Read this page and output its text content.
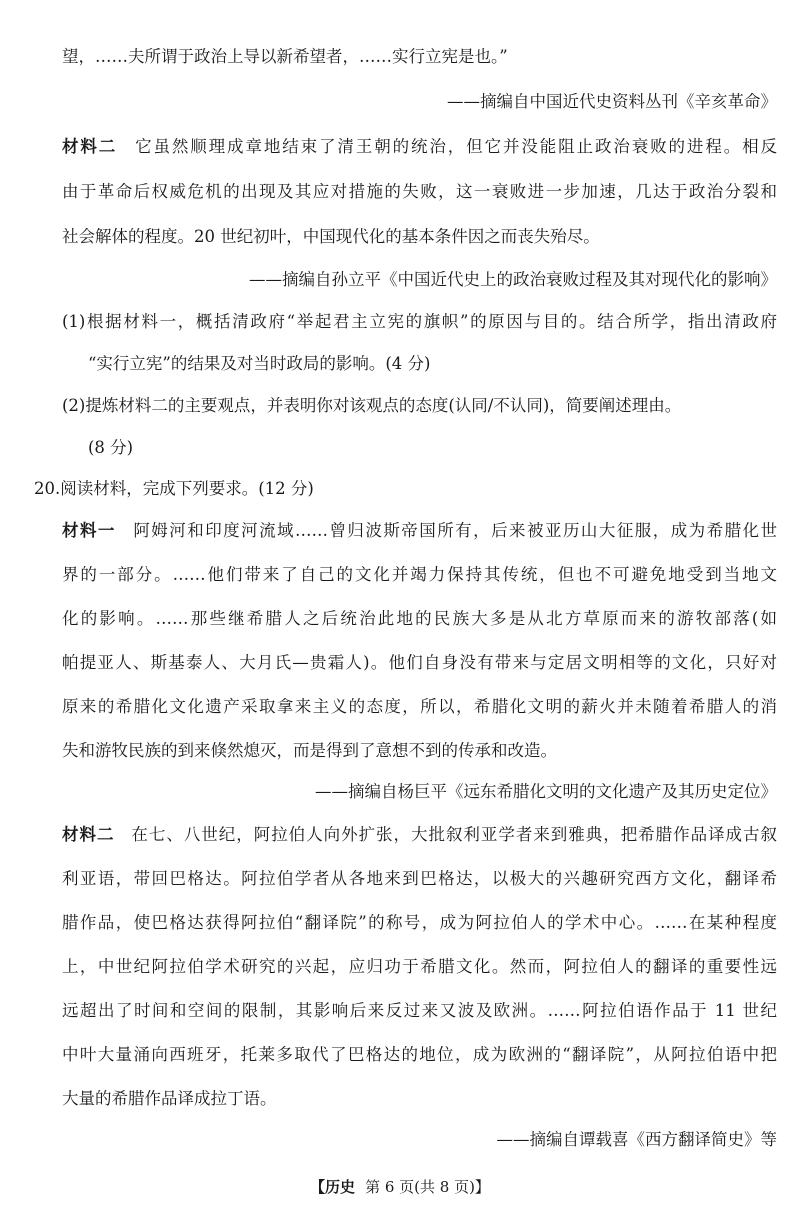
望，……夫所谓于政治上导以新希望者，……实行立宪是也。”
——摘编自中国近代史资料丛刊《辛亥革命》
材料二 它虽然顺理成章地结束了清王朝的统治，但它并没能阻止政治衰败的进程。相反
由于革命后权威危机的出现及其应对措施的失败，这一衰败进一步加速，几达于政治分裂和
社会解体的程度。20 世纪初叶，中国现代化的基本条件因之而丧失殆尽。
——摘编自孙立平《中国近代史上的政治衰败过程及其对现代化的影响》
(1)根据材料一，概括清政府“举起君主立宪的旗帜”的原因与目的。结合所学，指出清政府
“实行立宪”的结果及对当时政局的影响。(4 分)
(2)提炼材料二的主要观点，并表明你对该观点的态度(认同/不认同)，简要阐述理由。
(8 分)
20.阅读材料，完成下列要求。(12 分)
材料一 阿姆河和印度河流域……曾归波斯帝国所有，后来被亚历山大征服，成为希腊化世
界的一部分。……他们带来了自己的文化并竭力保持其传统，但也不可避免地受到当地文
化的影响。……那些继希腊人之后统治此地的民族大多是从北方草原而来的游牧部落(如
帕提亚人、斯基泰人、大月氏—贵霜人)。他们自身没有带来与定居文明相等的文化，只好对
原来的希腊化文化遗产采取拿来主义的态度，所以，希腊化文明的薪火并未随着希腊人的消
失和游牧民族的到来倏然熄灭，而是得到了意想不到的传承和改造。
——摘编自杨巨平《远东希腊化文明的文化遗产及其历史定位》
材料二 在七、八世纪，阿拉伯人向外扩张，大批叙利亚学者来到雅典，把希腊作品译成古叙
利亚语，带回巴格达。阿拉伯学者从各地来到巴格达，以极大的兴趣研究西方文化，翻译希
腊作品，使巴格达获得阿拉伯“翻译院”的称号，成为阿拉伯人的学术中心。……在某种程度
上，中世纪阿拉伯学术研究的兴起，应归功于希腊文化。然而，阿拉伯人的翻译的重要性远
远超出了时间和空间的限制，其影响后来反过来又波及欧洲。……阿拉伯语作品于 11 世纪
中叶大量涌向西班牙，托莱多取代了巴格达的地位，成为欧洲的“翻译院”，从阿拉伯语中把
大量的希腊作品译成拉丁语。
——摘编自谭载喜《西方翻译简史》等
【历史 第 6 页(共 8 页)】
